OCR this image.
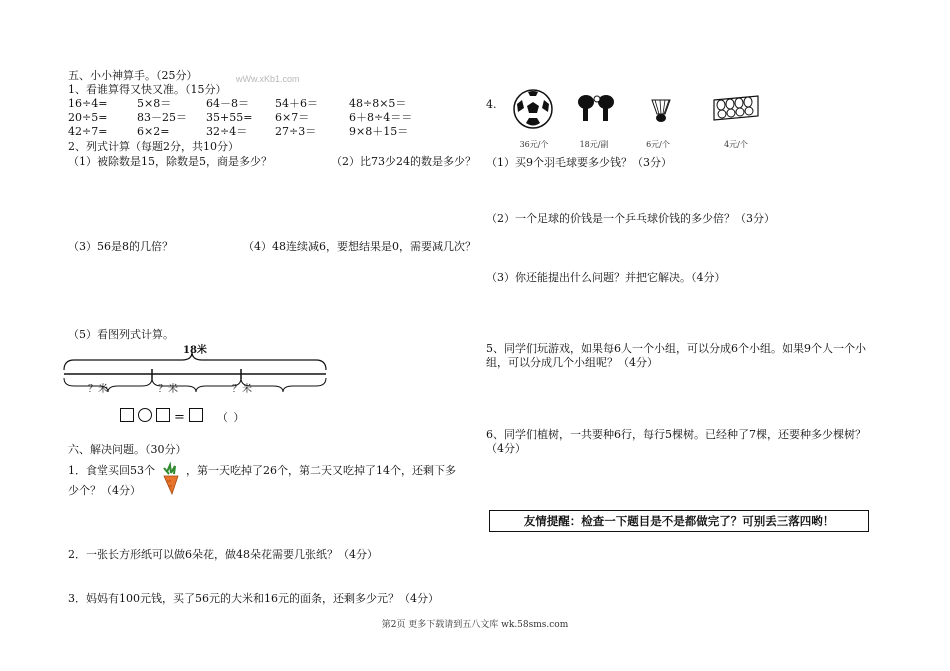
五、小小神算手。（25分）	wWw.xKb1.com
1、看谁算得又快又准。（15分）
16÷4=	5×8＝	64－8＝	54＋6＝	48÷8×5＝
20÷5=	83－25＝	35+55=	6×7＝	6＋8÷4＝＝
42÷7=	6×2=	32÷4＝	27÷3＝	9×8＋15＝
2、列式计算（每题2分，共10分）
（1）被除数是15，除数是5，商是多少？	（2）比73少24的数是多少？
（3）56是8的几倍？	（4）48连续减6，要想结果是0，需要减几次？
（5）看图列式计算。
18米
？米	？米	？米
=	（ ）
六、解决问题。（30分）
1．食堂买回53个	，第一天吃掉了26个，第二天又吃掉了14个，还剩下多
少个？（4分）
2．一张长方形纸可以做6朵花，做48朵花需要几张纸？（4分）
3．妈妈有100元钱，买了56元的大米和16元的面条，还剩多少元？（4分）
4.
36元/个	18元/副	6元/个	4元/个
（1）买9个羽毛球要多少钱？（3分）
（2）一个足球的价钱是一个乒乓球价钱的多少倍？（3分）
（3）你还能提出什么问题？并把它解决。（4分）
5、同学们玩游戏，如果每6人一个小组，可以分成6个小组。如果9个人一个小
组，可以分成几个小组呢？（4分）
6、同学们植树，一共要种6行，每行5棵树。已经种了7棵，还要种多少棵树？
（4分）
友情提醒：检查一下题目是不是都做完了？可别丢三落四哟！
第2页 更多下载请到五八文库 wk.58sms.com
